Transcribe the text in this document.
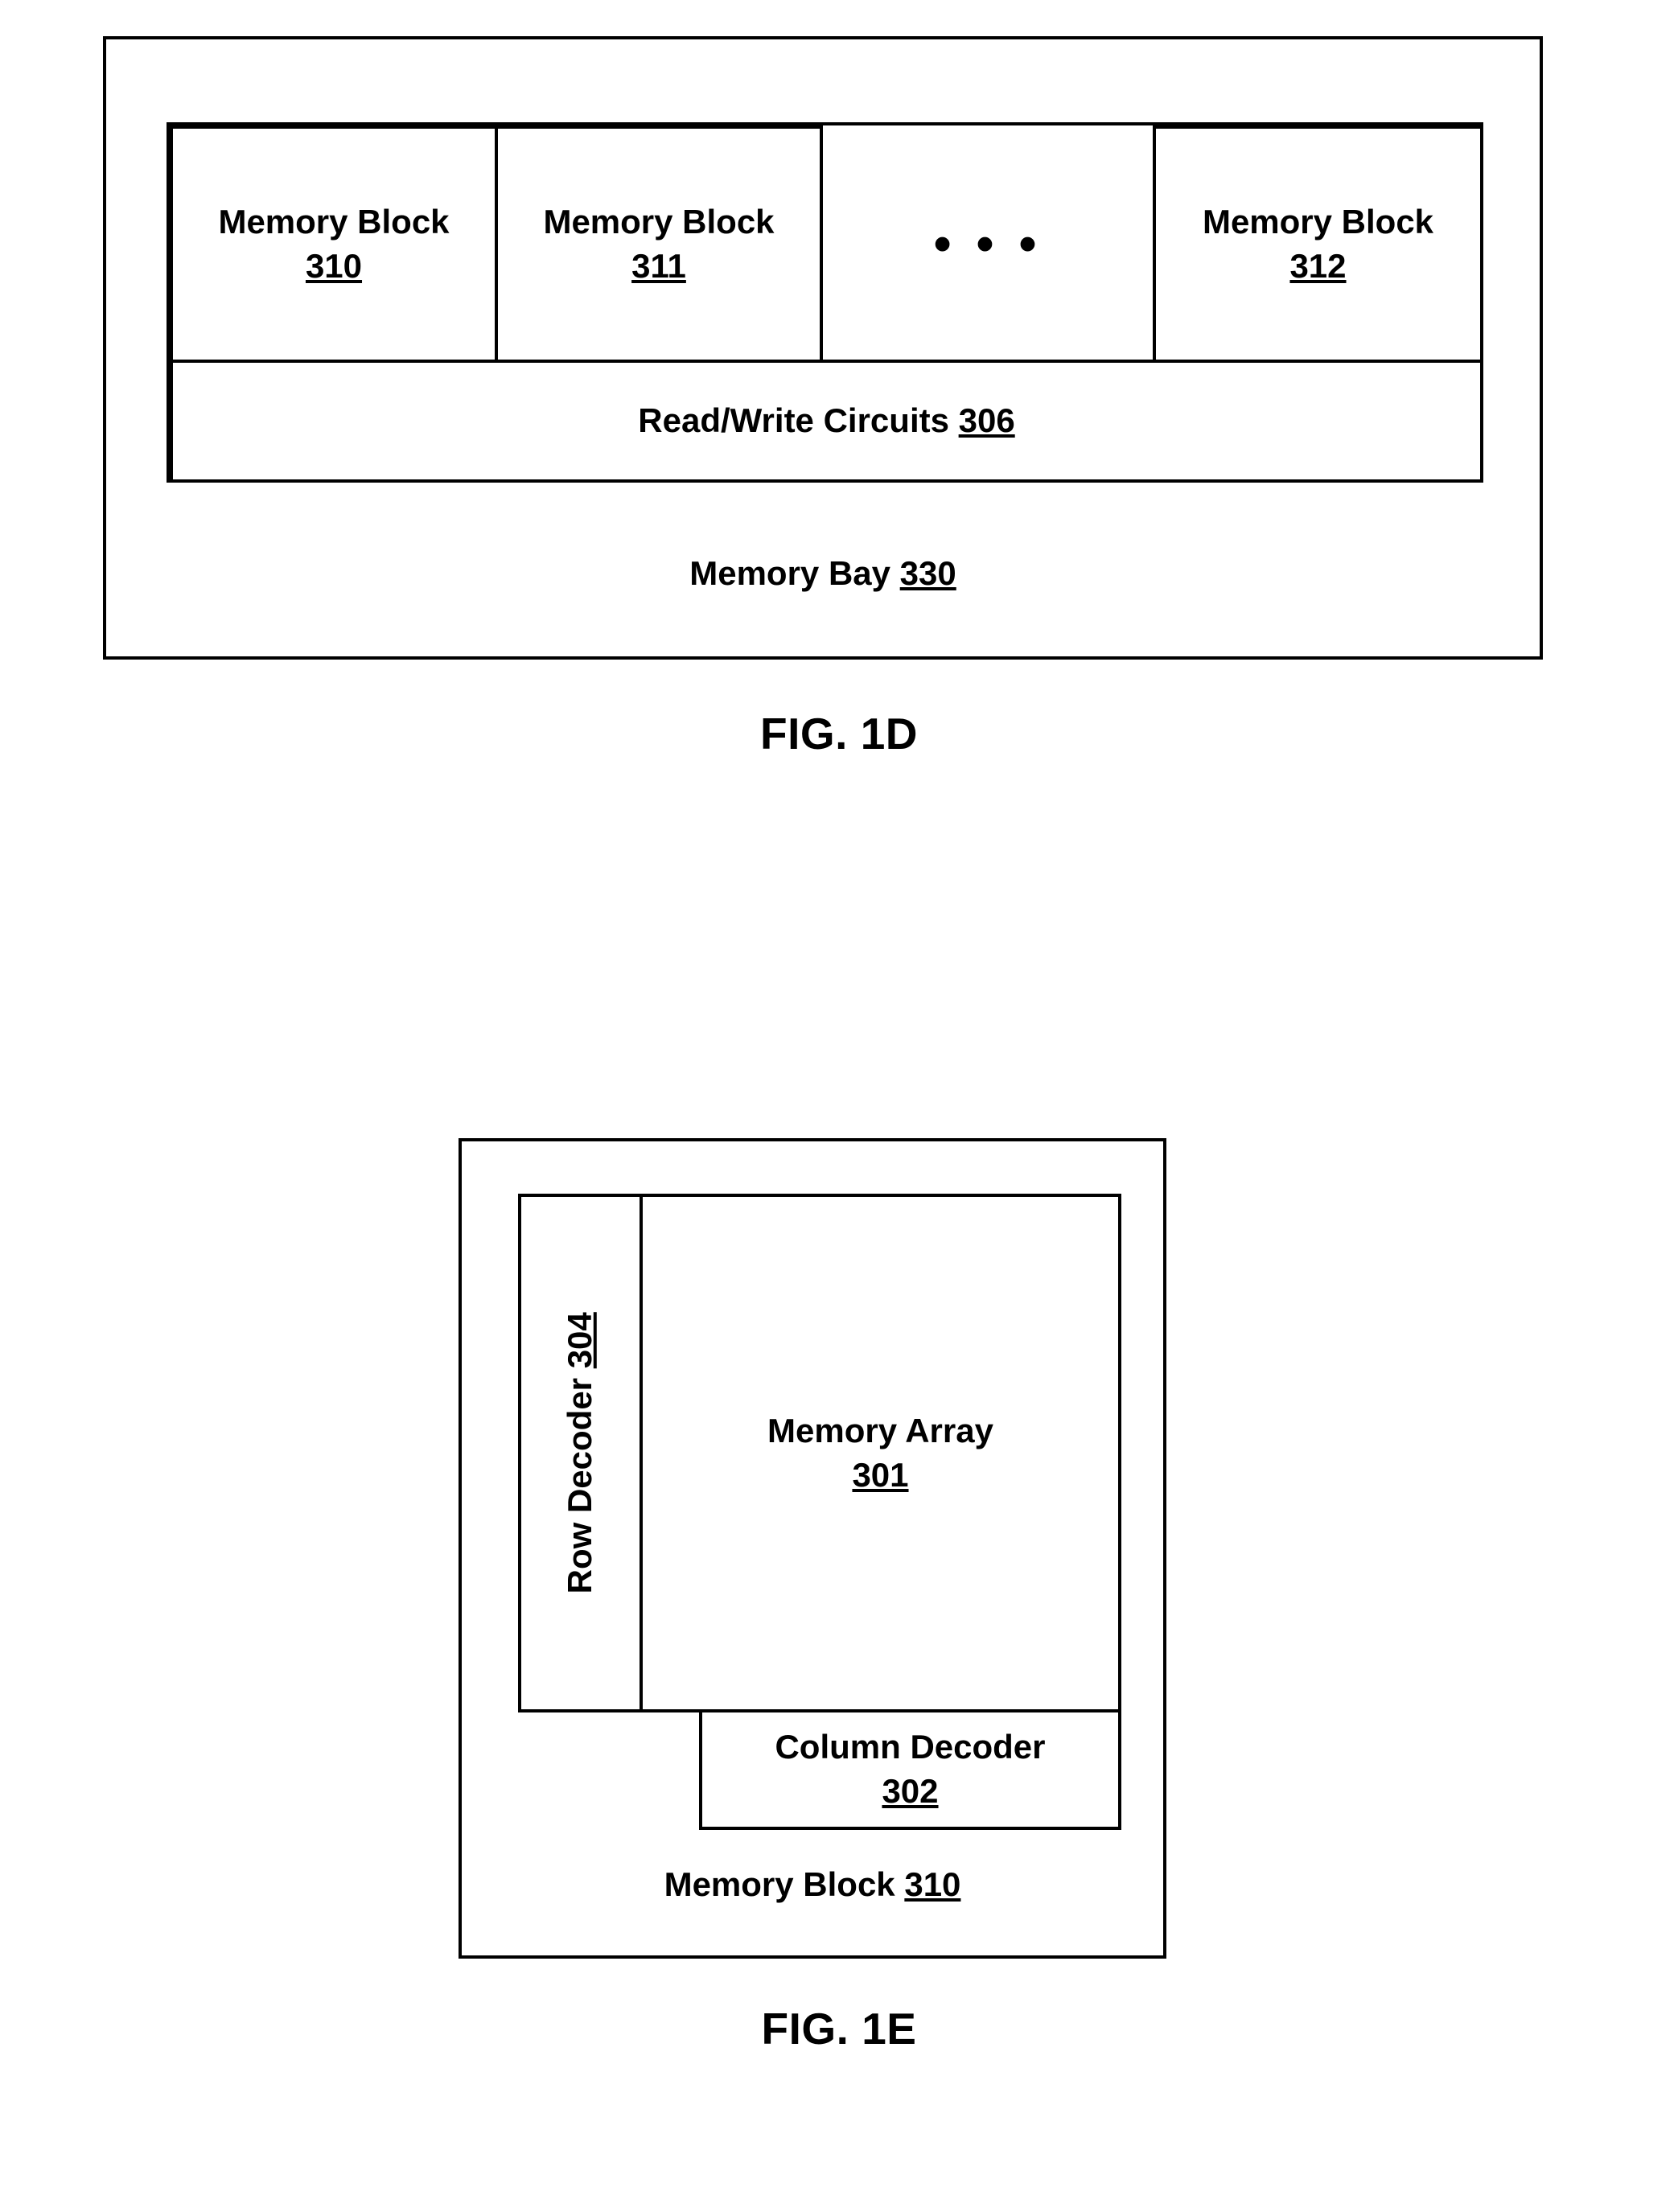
Memory Block
310
Memory Block
311	• • •	Memory Block
312
Read/Write Circuits 306
Memory Bay 330
FIG. 1D
Row Decoder 304
Memory Array
301
Column Decoder
302
Memory Block 310
FIG. 1E
